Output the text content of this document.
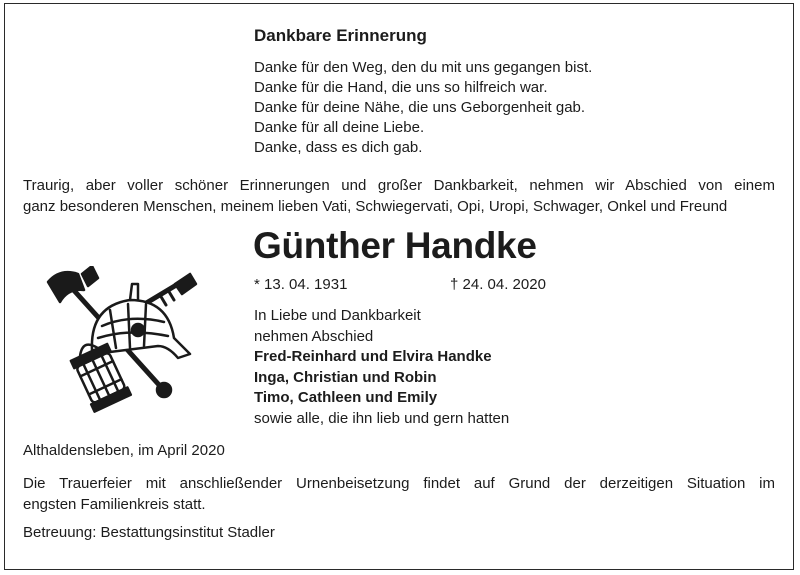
Dankbare Erinnerung
Danke für den Weg, den du mit uns gegangen bist.
Danke für die Hand, die uns so hilfreich war.
Danke für deine Nähe, die uns Geborgenheit gab.
Danke für all deine Liebe.
Danke, dass es dich gab.
Traurig, aber voller schöner Erinnerungen und großer Dankbarkeit, nehmen wir Abschied von einem
ganz besonderen Menschen, meinem lieben Vati, Schwiegervati, Opi, Uropi, Schwager, Onkel und Freund
Günther Handke
* 13. 04. 1931	† 24. 04. 2020
In Liebe und Dankbarkeit
nehmen Abschied
Fred-Reinhard und Elvira Handke
Inga, Christian und Robin
Timo, Cathleen und Emily
sowie alle, die ihn lieb und gern hatten
Althaldensleben, im April 2020
Die Trauerfeier mit anschließender Urnenbeisetzung findet auf Grund der derzeitigen Situation im
engsten Familienkreis statt.
Betreuung: Bestattungsinstitut Stadler
